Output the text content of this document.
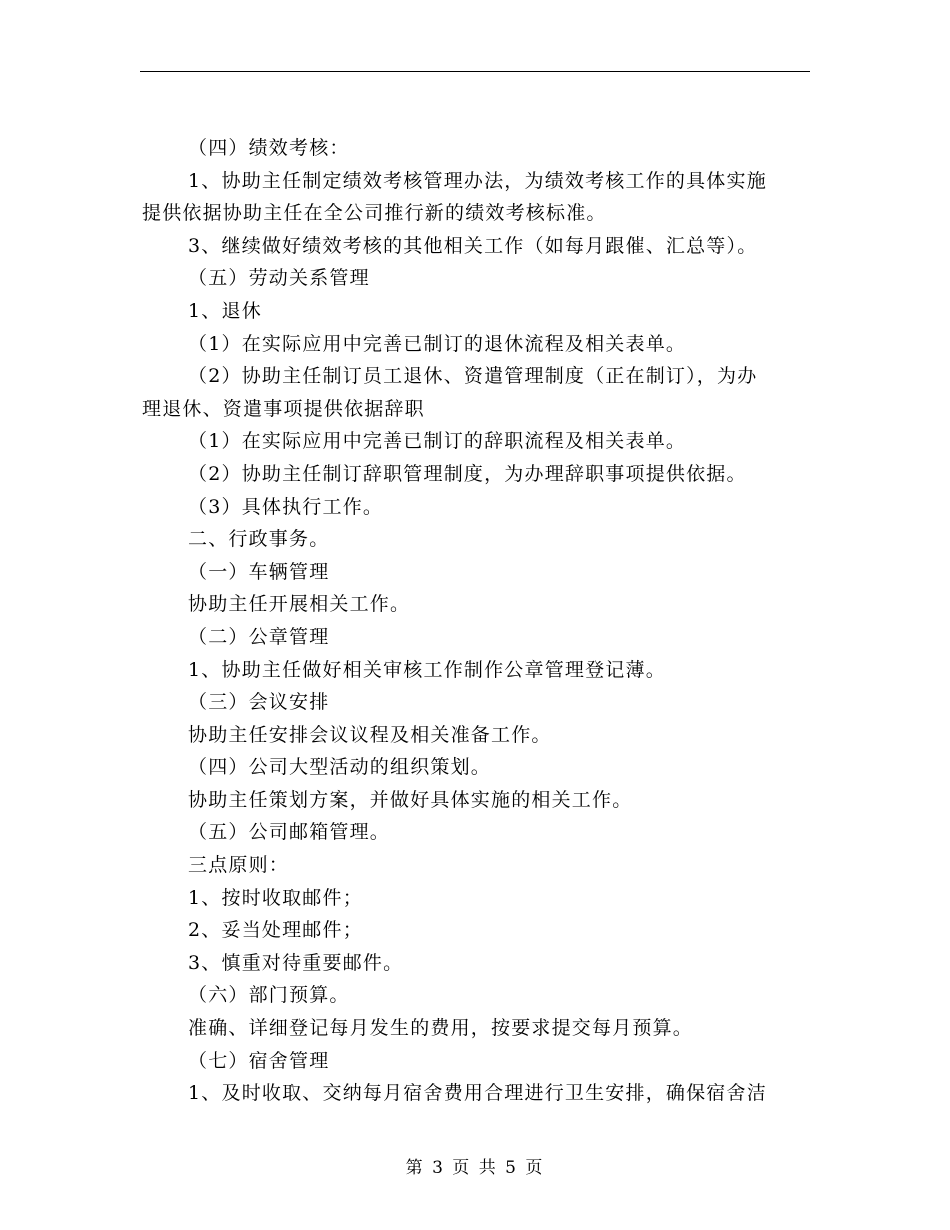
（四）绩效考核：
1、协助主任制定绩效考核管理办法，为绩效考核工作的具体实施
提供依据协助主任在全公司推行新的绩效考核标准。
3、继续做好绩效考核的其他相关工作（如每月跟催、汇总等）。
（五）劳动关系管理
1、退休
（1）在实际应用中完善已制订的退休流程及相关表单。
（2）协助主任制订员工退休、资遣管理制度（正在制订），为办
理退休、资遣事项提供依据辞职
（1）在实际应用中完善已制订的辞职流程及相关表单。
（2）协助主任制订辞职管理制度，为办理辞职事项提供依据。
（3）具体执行工作。
二、行政事务。
（一）车辆管理
协助主任开展相关工作。
（二）公章管理
1、协助主任做好相关审核工作制作公章管理登记薄。
（三）会议安排
协助主任安排会议议程及相关准备工作。
（四）公司大型活动的组织策划。
协助主任策划方案，并做好具体实施的相关工作。
（五）公司邮箱管理。
三点原则：
1、按时收取邮件；
2、妥当处理邮件；
3、慎重对待重要邮件。
（六）部门预算。
准确、详细登记每月发生的费用，按要求提交每月预算。
（七）宿舍管理
1、及时收取、交纳每月宿舍费用合理进行卫生安排，确保宿舍洁
第 3 页 共 5 页
